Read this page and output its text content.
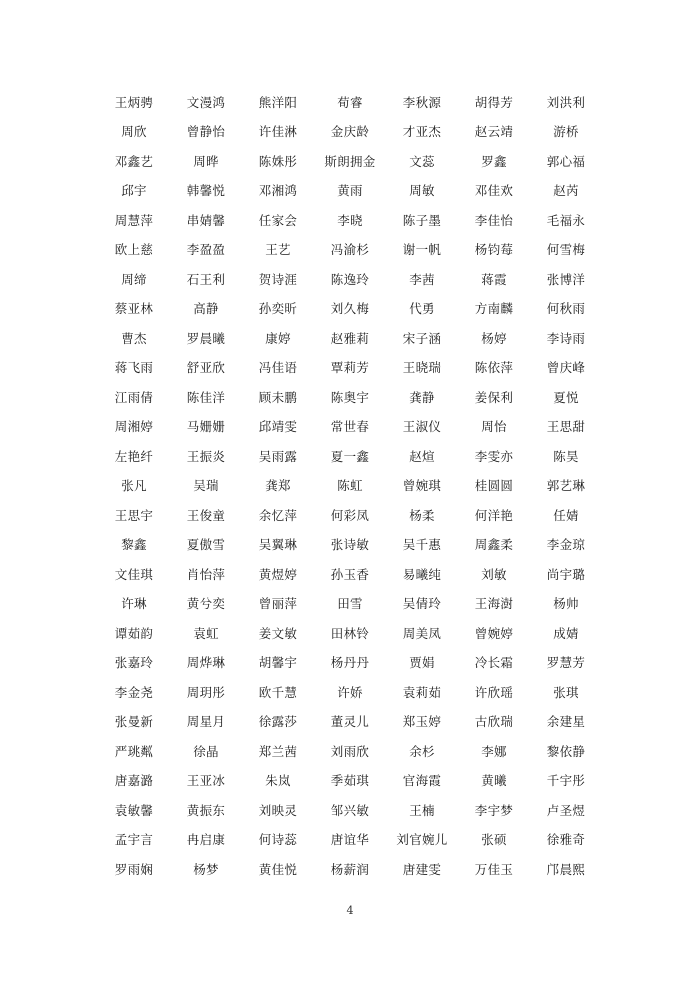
王炳骋	文漫鸿	熊洋阳	荀睿	李秋源	胡得芳	刘洪利
周欣	曾静怡	许佳淋	金庆龄	才亚杰	赵云靖	游桥
邓鑫艺	周晔	陈姝彤	斯朗拥金	文蕊	罗鑫	郭心福
邱宇	韩馨悦	邓湘鸿	黄雨	周敏	邓佳欢	赵芮
周慧萍	串婧馨	任家会	李晓	陈子墨	李佳怡	毛福永
欧上慈	李盈盈	王艺	冯渝杉	谢一帆	杨钧莓	何雪梅
周缔	石王利	贺诗涯	陈逸玲	李茜	蒋霞	张博洋
蔡亚林	高静	孙奕昕	刘久梅	代勇	方南麟	何秋雨
曹杰	罗晨曦	康婷	赵雅莉	宋子涵	杨婷	李诗雨
蒋飞雨	舒亚欣	冯佳语	覃莉芳	王晓瑞	陈依萍	曾庆峰
江雨倩	陈佳洋	顾未鹏	陈奥宇	龚静	姜保利	夏悦
周湘婷	马姗姗	邱靖雯	常世春	王淑仪	周怡	王思甜
左艳纤	王振炎	吴雨露	夏一鑫	赵煊	李雯亦	陈昊
张凡	吴瑞	龚郑	陈虹	曾婉琪	桂圆圆	郭艺琳
王思宇	王俊童	余忆萍	何彩凤	杨柔	何洋艳	任婧
黎鑫	夏傲雪	吴翼琳	张诗敏	吴千惠	周鑫柔	李金琼
文佳琪	肖怡萍	黄煜婷	孙玉香	易曦纯	刘敏	尚宇璐
许琳	黄兮奕	曾丽萍	田雪	吴倩玲	王海澍	杨帅
谭茹韵	袁虹	姜文敏	田林铃	周美凤	曾婉婷	成婧
张嘉玲	周烨琳	胡馨宇	杨丹丹	贾娟	冷长霜	罗慧芳
李金尧	周玥彤	欧千慧	许娇	袁莉茹	许欣瑶	张琪
张曼新	周星月	徐露莎	董灵儿	郑玉婷	古欣瑞	余建星
严珧粼	徐晶	郑兰茜	刘雨欣	余杉	李娜	黎依静
唐嘉潞	王亚冰	朱岚	季茹琪	官海霞	黄曦	千宇彤
袁敏馨	黄振东	刘映灵	邹兴敏	王楠	李宇梦	卢圣煜
孟宇言	冉启康	何诗蕊	唐谊华	刘官婉儿	张硕	徐雅奇
罗雨娴	杨梦	黄佳悦	杨薪润	唐建雯	万佳玉	邝晨熙
4
